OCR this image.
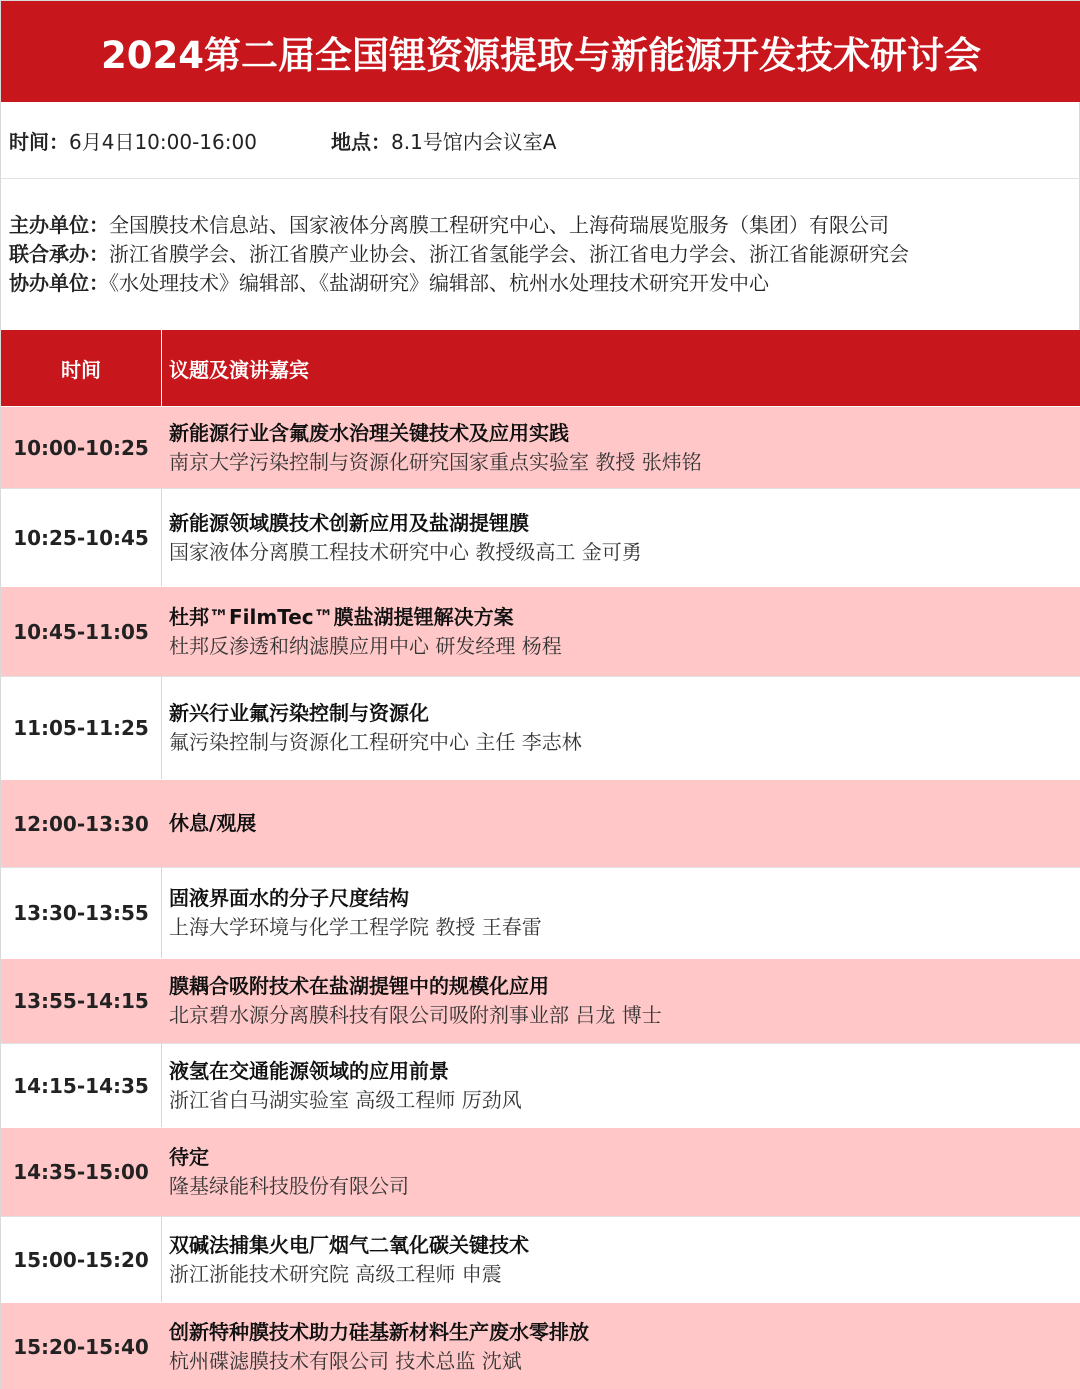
2024第二届全国锂资源提取与新能源开发技术研讨会
时间： 6月4日10:00-16:00	地点： 8.1号馆内会议室A
主办单位：全国膜技术信息站、国家液体分离膜工程研究中心、上海荷瑞展览服务（集团）有限公司
联合承办：浙江省膜学会、浙江省膜产业协会、浙江省氢能学会、浙江省电力学会、浙江省能源研究会
协办单位：《水处理技术》编辑部、《盐湖研究》编辑部、杭州水处理技术研究开发中心
时间	议题及演讲嘉宾
10:00-10:25
新能源行业含氟废水治理关键技术及应用实践
南京大学污染控制与资源化研究国家重点实验室 教授 张炜铭
10:25-10:45
新能源领域膜技术创新应用及盐湖提锂膜
国家液体分离膜工程技术研究中心 教授级高工 金可勇
10:45-11:05
杜邦™FilmTec™膜盐湖提锂解决方案
杜邦反渗透和纳滤膜应用中心 研发经理 杨程
11:05-11:25
新兴行业氟污染控制与资源化
氟污染控制与资源化工程研究中心 主任 李志林
12:00-13:30	休息/观展
13:30-13:55
固液界面水的分子尺度结构
上海大学环境与化学工程学院 教授 王春雷
13:55-14:15
膜耦合吸附技术在盐湖提锂中的规模化应用
北京碧水源分离膜科技有限公司吸附剂事业部 吕龙 博士
14:15-14:35
液氢在交通能源领域的应用前景
浙江省白马湖实验室 高级工程师 厉劲风
14:35-15:00
待定
隆基绿能科技股份有限公司
15:00-15:20
双碱法捕集火电厂烟气二氧化碳关键技术
浙江浙能技术研究院 高级工程师 申震
15:20-15:40
创新特种膜技术助力硅基新材料生产废水零排放
杭州碟滤膜技术有限公司 技术总监 沈斌
